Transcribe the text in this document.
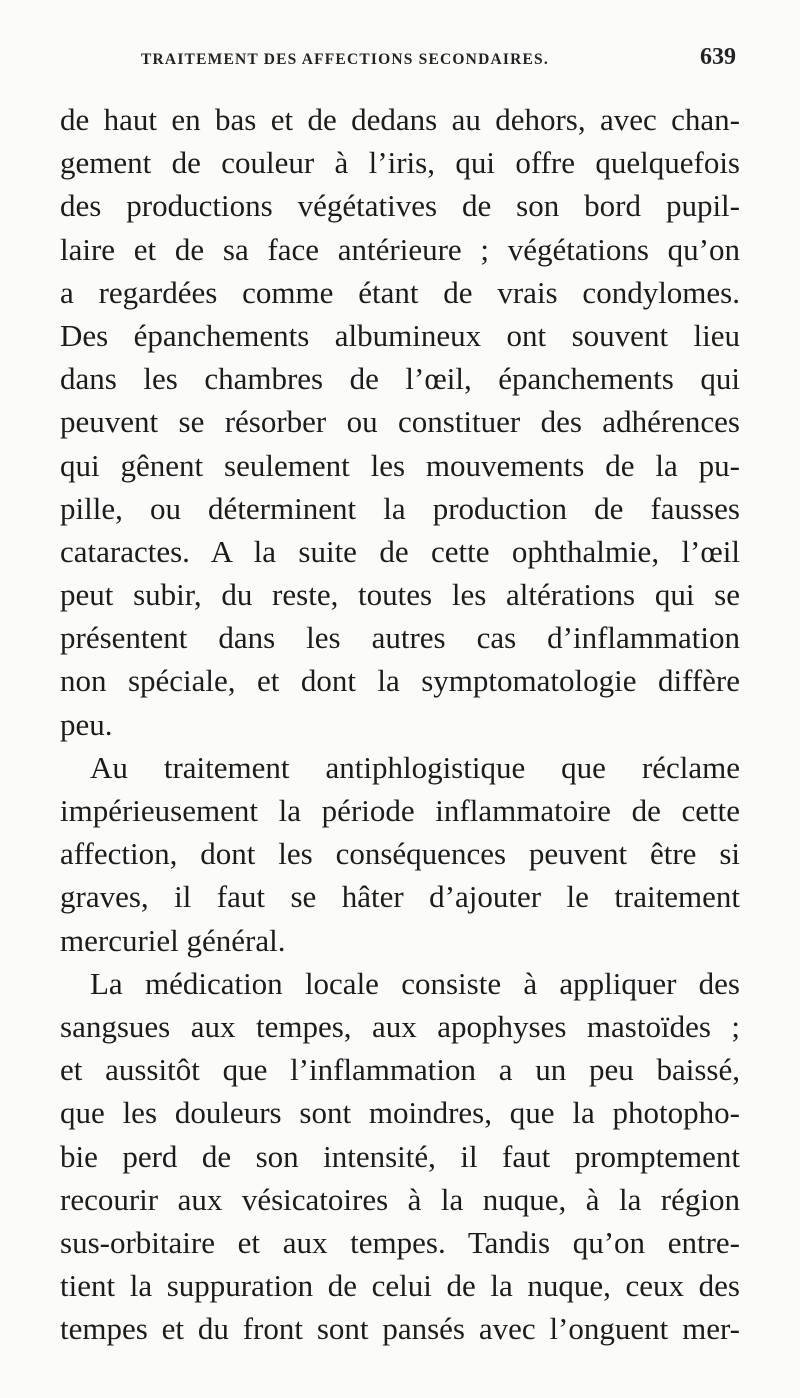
TRAITEMENT DES AFFECTIONS SECONDAIRES.	639
de haut en bas et de dedans au dehors, avec chan-
gement de couleur à l’iris, qui offre quelquefois
des productions végétatives de son bord pupil-
laire et de sa face antérieure ; végétations qu’on
a regardées comme étant de vrais condylomes.
Des épanchements albumineux ont souvent lieu
dans les chambres de l’œil, épanchements qui
peuvent se résorber ou constituer des adhérences
qui gênent seulement les mouvements de la pu-
pille, ou déterminent la production de fausses
cataractes. A la suite de cette ophthalmie, l’œil
peut subir, du reste, toutes les altérations qui se
présentent dans les autres cas d’inflammation
non spéciale, et dont la symptomatologie diffère
peu.
Au traitement antiphlogistique que réclame
impérieusement la période inflammatoire de cette
affection, dont les conséquences peuvent être si
graves, il faut se hâter d’ajouter le traitement
mercuriel général.
La médication locale consiste à appliquer des
sangsues aux tempes, aux apophyses mastoïdes ;
et aussitôt que l’inflammation a un peu baissé,
que les douleurs sont moindres, que la photopho-
bie perd de son intensité, il faut promptement
recourir aux vésicatoires à la nuque, à la région
sus-orbitaire et aux tempes. Tandis qu’on entre-
tient la suppuration de celui de la nuque, ceux des
tempes et du front sont pansés avec l’onguent mer-
